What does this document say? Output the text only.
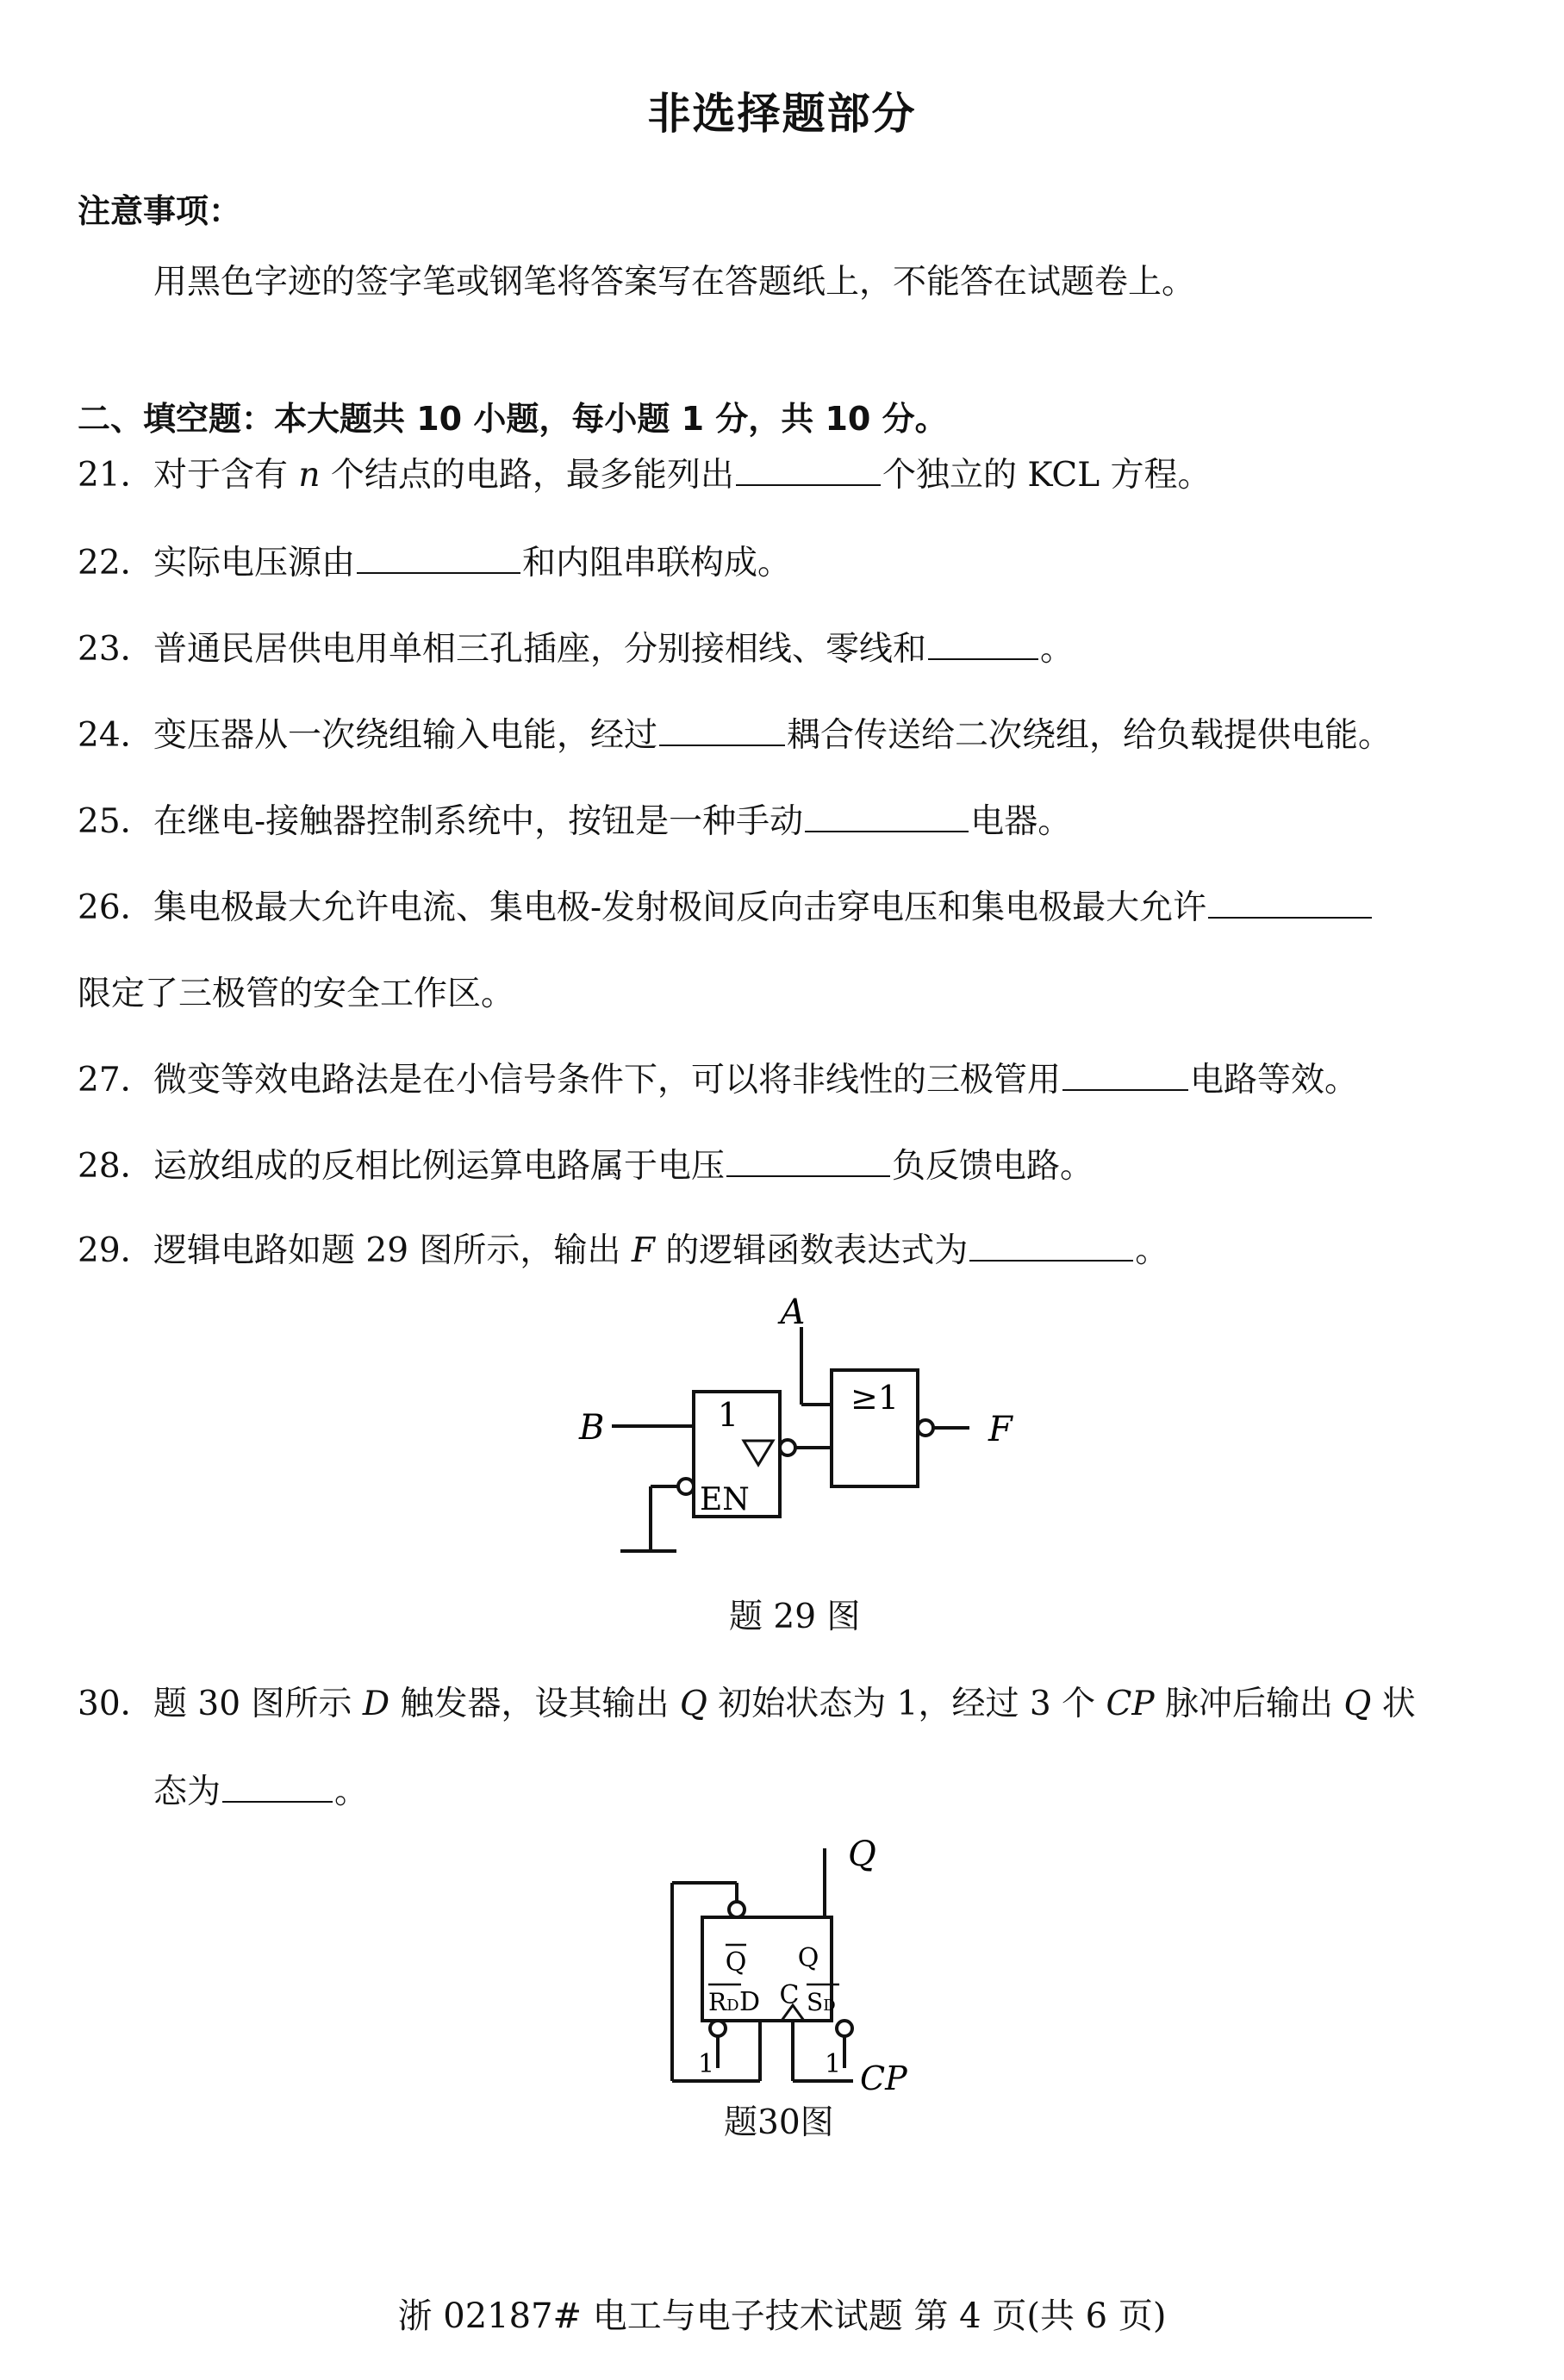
非选择题部分
注意事项：
用黑色字迹的签字笔或钢笔将答案写在答题纸上，不能答在试题卷上。
二、填空题：本大题共 10 小题，每小题 1 分，共 10 分。
21．对于含有 n 个结点的电路，最多能列出	个独立的 KCL 方程。
22．实际电压源由	和内阻串联构成。
23．普通民居供电用单相三孔插座，分别接相线、零线和	。
24．变压器从一次绕组输入电能，经过	耦合传送给二次绕组，给负载提供电能。
25．在继电-接触器控制系统中，按钮是一种手动	电器。
26．集电极最大允许电流、集电极-发射极间反向击穿电压和集电极最大允许
限定了三极管的安全工作区。
27．微变等效电路法是在小信号条件下，可以将非线性的三极管用	电路等效。
28．运放组成的反相比例运算电路属于电压	负反馈电路。
29．逻辑电路如题 29 图所示，输出 F 的逻辑函数表达式为	。
A
B	F
1
EN
≥1
题 29 图
30．题 30 图所示 D 触发器，设其输出 Q 初始状态为 1，经过 3 个 CP 脉冲后输出 Q 状
态为	。
Q
CP
Q Q
RD D C SD
1	1
题30图
浙 02187# 电工与电子技术试题 第 4 页(共 6 页)
